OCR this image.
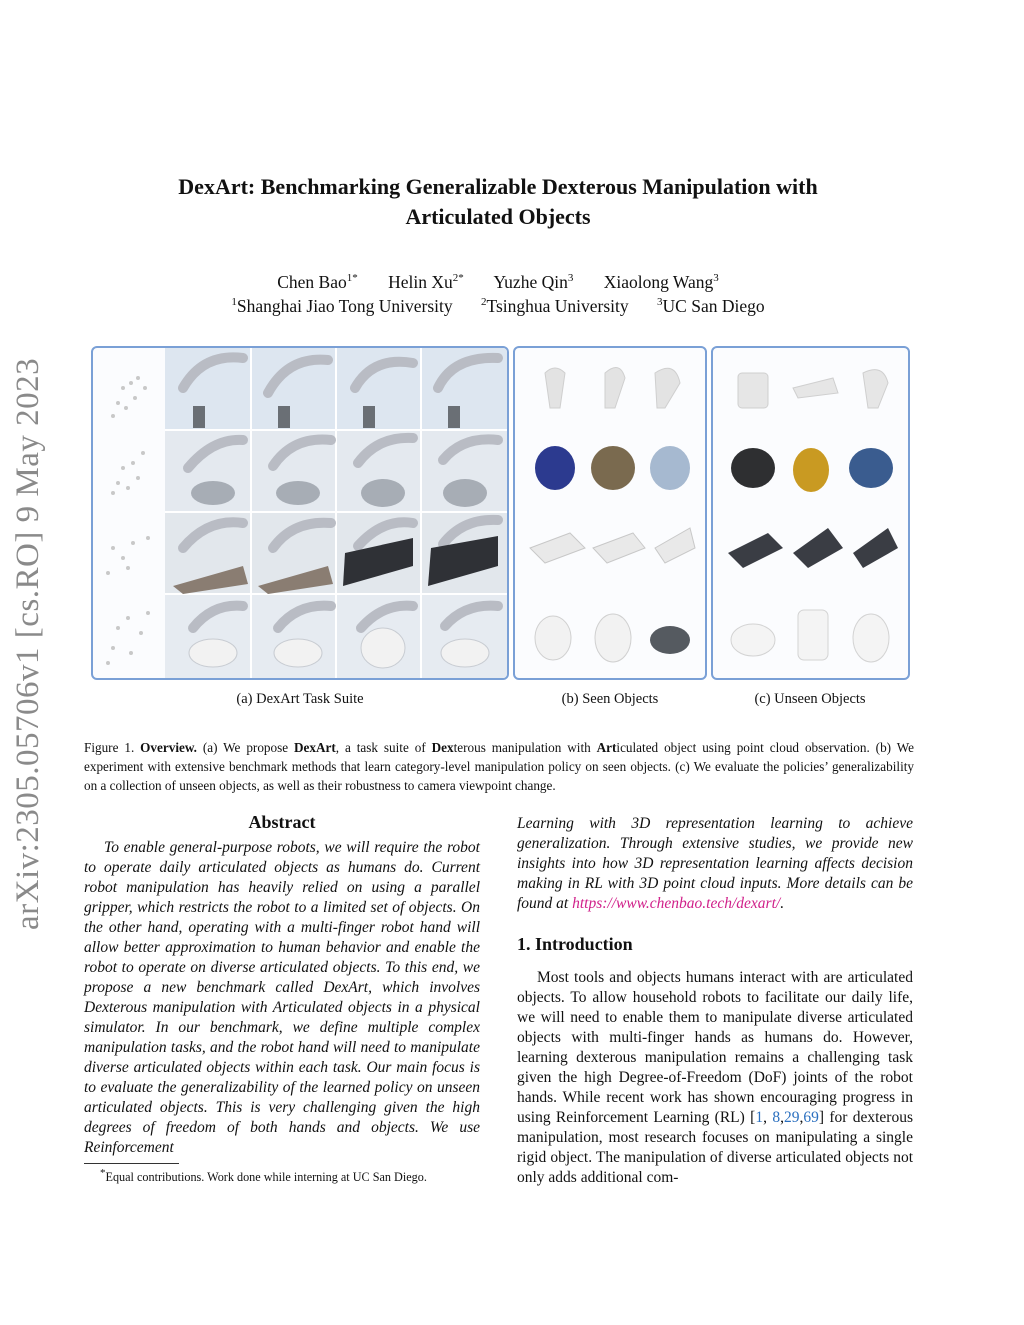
arXiv:2305.05706v1 [cs.RO] 9 May 2023
DexArt: Benchmarking Generalizable Dexterous Manipulation with
Articulated Objects
Chen Bao$^{1*}$ Helin $Xu^{2*}$ Yuzhe Qin$^3$ Xiaolong Wang$^3$
$^1$Shanghai Jiao Tong University	$^2$Tsinghua University	$^3$UC San Diego
(a) DexArt Task Suite	(b) Seen Objects	(c) Unseen Objects
Figure 1. Overview. (a) We propose DexArt, a task suite of Dexterous manipulation with Articulated object using point cloud observation. (b) We experiment with extensive benchmark methods that learn category-level manipulation policy on seen objects. (c) We evaluate the policies’ generalizability on a collection of unseen objects, as well as their robustness to camera viewpoint change.
Abstract
To enable general-purpose robots, we will require the robot to operate daily articulated objects as humans do. Current robot manipulation has heavily relied on using a parallel gripper, which restricts the robot to a limited set of objects. On the other hand, operating with a multi-finger robot hand will allow better approximation to human behavior and enable the robot to operate on diverse articulated objects. To this end, we propose a new benchmark called DexArt, which involves Dexterous manipulation with Articulated objects in a physical simulator. In our benchmark, we define multiple complex manipulation tasks, and the robot hand will need to manipulate diverse articulated objects within each task. Our main focus is to evaluate the generalizability of the learned policy on unseen articulated objects. This is very challenging given the high degrees of freedom of both hands and objects. We use Reinforcement
Learning with 3D representation learning to achieve generalization. Through extensive studies, we provide new insights into how 3D representation learning affects decision making in RL with 3D point cloud inputs. More details can be found at https://www.chenbao.tech/dexart/.
1. Introduction
Most tools and objects humans interact with are articulated objects. To allow household robots to facilitate our daily life, we will need to enable them to manipulate diverse articulated objects with multi-finger hands as humans do. However, learning dexterous manipulation remains a challenging task given the high Degree-of-Freedom (DoF) joints of the robot hands. While recent work has shown encouraging progress in using Reinforcement Learning (RL) [1, 8,29,69] for dexterous manipulation, most research focuses on manipulating a single rigid object. The manipulation of diverse articulated objects not only adds additional com-
*Equal contributions. Work done while interning at UC San Diego.
